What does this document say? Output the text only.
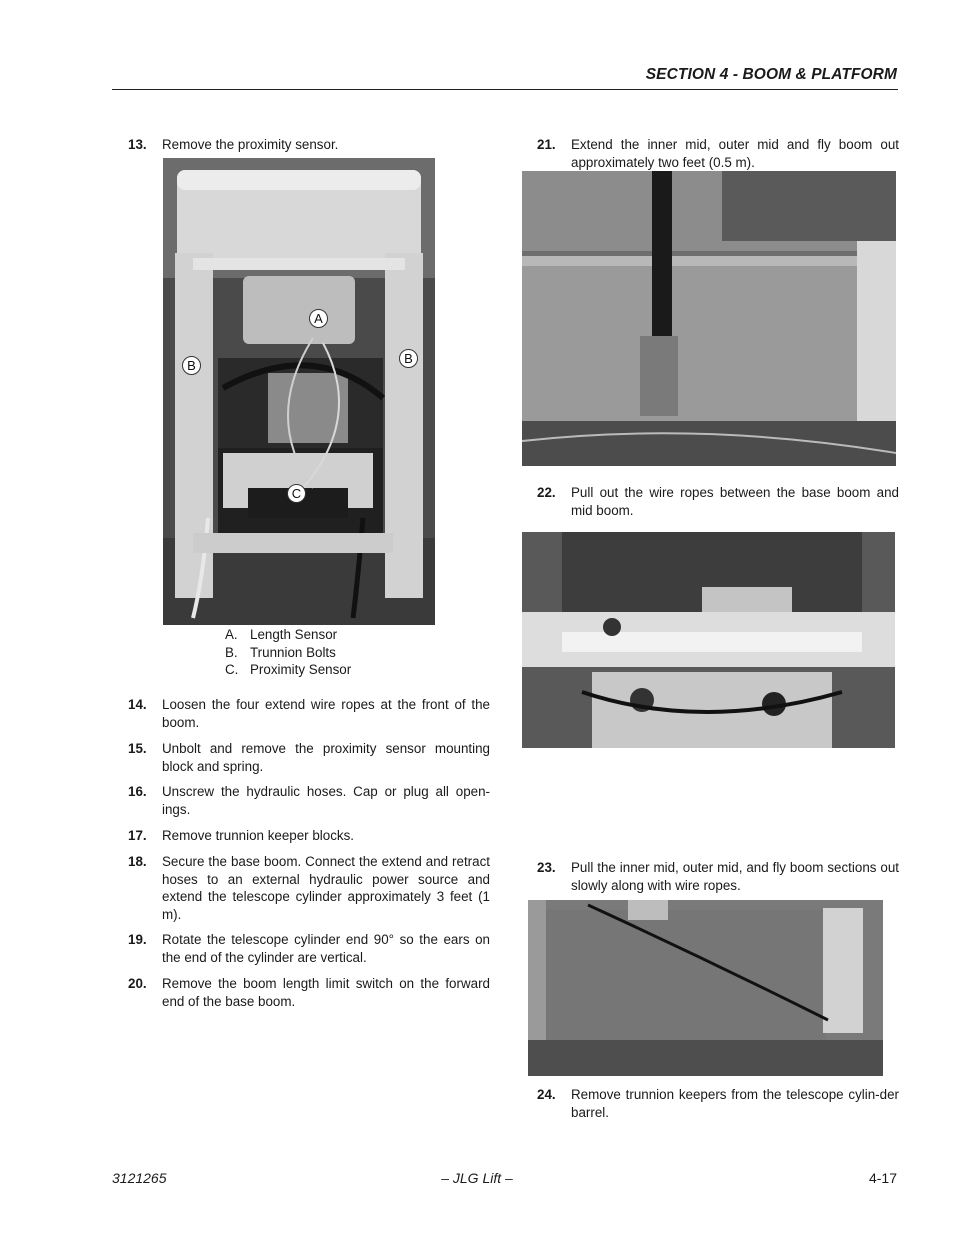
SECTION 4 - BOOM & PLATFORM
13.	Remove the proximity sensor.
A
B	B
C
A. Length Sensor
B. Trunnion Bolts
C. Proximity Sensor
14.	Loosen the four extend wire ropes at the front of the boom.
15.	Unbolt and remove the proximity sensor mounting block and spring.
16.	Unscrew the hydraulic hoses. Cap or plug all open-ings.
17.	Remove trunnion keeper blocks.
18.	Secure the base boom. Connect the extend and retract hoses to an external hydraulic power source and extend the telescope cylinder approximately 3 feet (1 m).
19.	Rotate the telescope cylinder end 90° so the ears on the end of the cylinder are vertical.
20.	Remove the boom length limit switch on the forward end of the base boom.
21.	Extend the inner mid, outer mid and fly boom out approximately two feet (0.5 m).
22.	Pull out the wire ropes between the base boom and mid boom.
23.	Pull the inner mid, outer mid, and fly boom sections out slowly along with wire ropes.
24.	Remove trunnion keepers from the telescope cylin-der barrel.
3121265	– JLG Lift –	4-17
